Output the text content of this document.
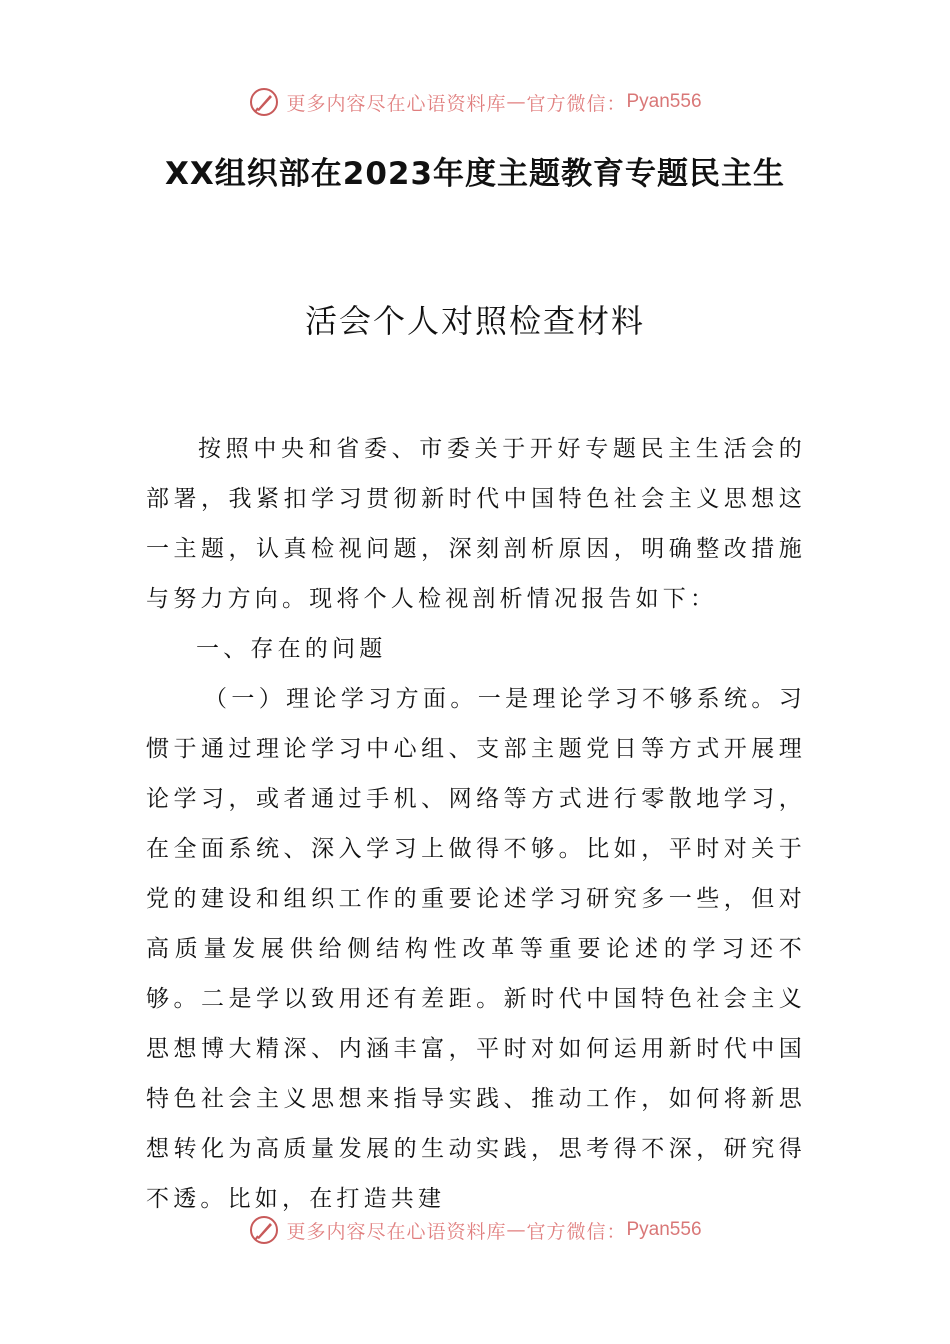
更多内容尽在心语资料库 — 官方微信： Pyan556
XX组织部在2023年度主题教育专题民主生
活会个人对照检查材料

按照中央和省委、市委关于开好专题民主生活会的部署，我紧扣学习贯彻新时代中国特色社会主义思想这一主题，认真检视问题，深刻剖析原因，明确整改措施与努力方向。现将个人检视剖析情况报告如下：

一、存在的问题

（一）理论学习方面。一是理论学习不够系统。习惯于通过理论学习中心组、支部主题党日等方式开展理论学习，或者通过手机、网络等方式进行零散地学习，在全面系统、深入学习上做得不够。比如，平时对关于党的建设和组织工作的重要论述学习研究多一些，但对高质量发展供给侧结构性改革等重要论述的学习还不够。二是学以致用还有差距。新时代中国特色社会主义思想博大精深、内涵丰富，平时对如何运用新时代中国特色社会主义思想来指导实践、推动工作，如何将新思想转化为高质量发展的生动实践，思考得不深，研究得不透。比如，在打造共建

更多内容尽在心语资料库 — 官方微信： Pyan556
